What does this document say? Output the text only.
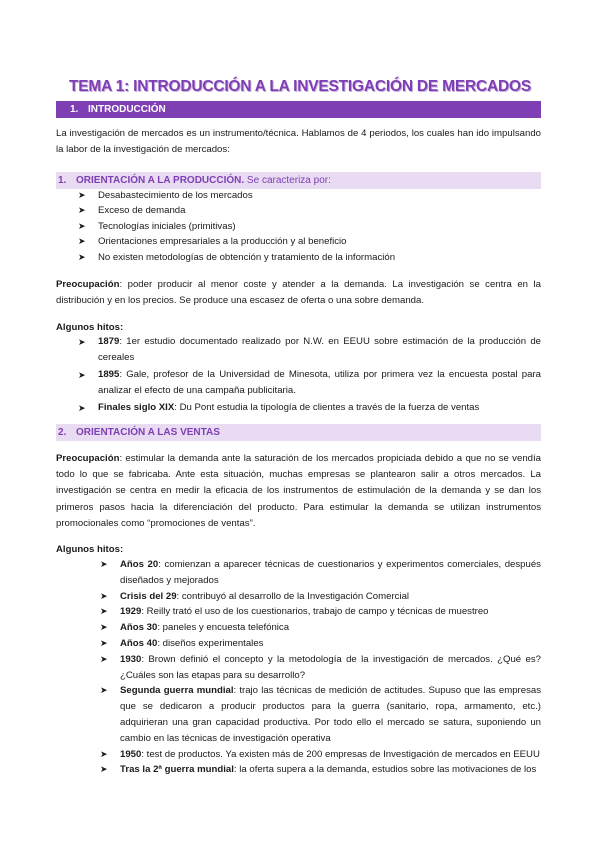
TEMA 1: INTRODUCCIÓN A LA INVESTIGACIÓN DE MERCADOS
1. INTRODUCCIÓN
La investigación de mercados es un instrumento/técnica. Hablamos de 4 periodos, los cuales han ido impulsando la labor de la investigación de mercados:
1. ORIENTACIÓN A LA PRODUCCIÓN. Se caracteriza por:
➤ Desabastecimiento de los mercados
➤ Exceso de demanda
➤ Tecnologías iniciales (primitivas)
➤ Orientaciones empresariales a la producción y al beneficio
➤ No existen metodologías de obtención y tratamiento de la información
Preocupación: poder producir al menor coste y atender a la demanda. La investigación se centra en la distribución y en los precios. Se produce una escasez de oferta o una sobre demanda.
Algunos hitos:
➤ 1879: 1er estudio documentado realizado por N.W. en EEUU sobre estimación de la producción de cereales
➤ 1895: Gale, profesor de la Universidad de Minesota, utiliza por primera vez la encuesta postal para analizar el efecto de una campaña publicitaria.
➤ Finales siglo XIX: Du Pont estudia la tipología de clientes a través de la fuerza de ventas
2. ORIENTACIÓN A LAS VENTAS
Preocupación: estimular la demanda ante la saturación de los mercados propiciada debido a que no se vendía todo lo que se fabricaba. Ante esta situación, muchas empresas se plantearon salir a otros mercados. La investigación se centra en medir la eficacia de los instrumentos de estimulación de la demanda y se dan los primeros pasos hacia la diferenciación del producto. Para estimular la demanda se utilizan instrumentos promocionales como “promociones de ventas”.
Algunos hitos:
➤ Años 20: comienzan a aparecer técnicas de cuestionarios y experimentos comerciales, después diseñados y mejorados
➤ Crisis del 29: contribuyó al desarrollo de la Investigación Comercial
➤ 1929: Reilly trató el uso de los cuestionarios, trabajo de campo y técnicas de muestreo
➤ Años 30: paneles y encuesta telefónica
➤ Años 40: diseños experimentales
➤ 1930: Brown definió el concepto y la metodología de la investigación de mercados. ¿Qué es? ¿Cuáles son las etapas para su desarrollo?
➤ Segunda guerra mundial: trajo las técnicas de medición de actitudes. Supuso que las empresas que se dedicaron a producir productos para la guerra (sanitario, ropa, armamento, etc.) adquirieran una gran capacidad productiva. Por todo ello el mercado se satura, suponiendo un cambio en las técnicas de investigación operativa
➤ 1950: test de productos. Ya existen más de 200 empresas de Investigación de mercados en EEUU
➤ Tras la 2ª guerra mundial: la oferta supera a la demanda, estudios sobre las motivaciones de los
